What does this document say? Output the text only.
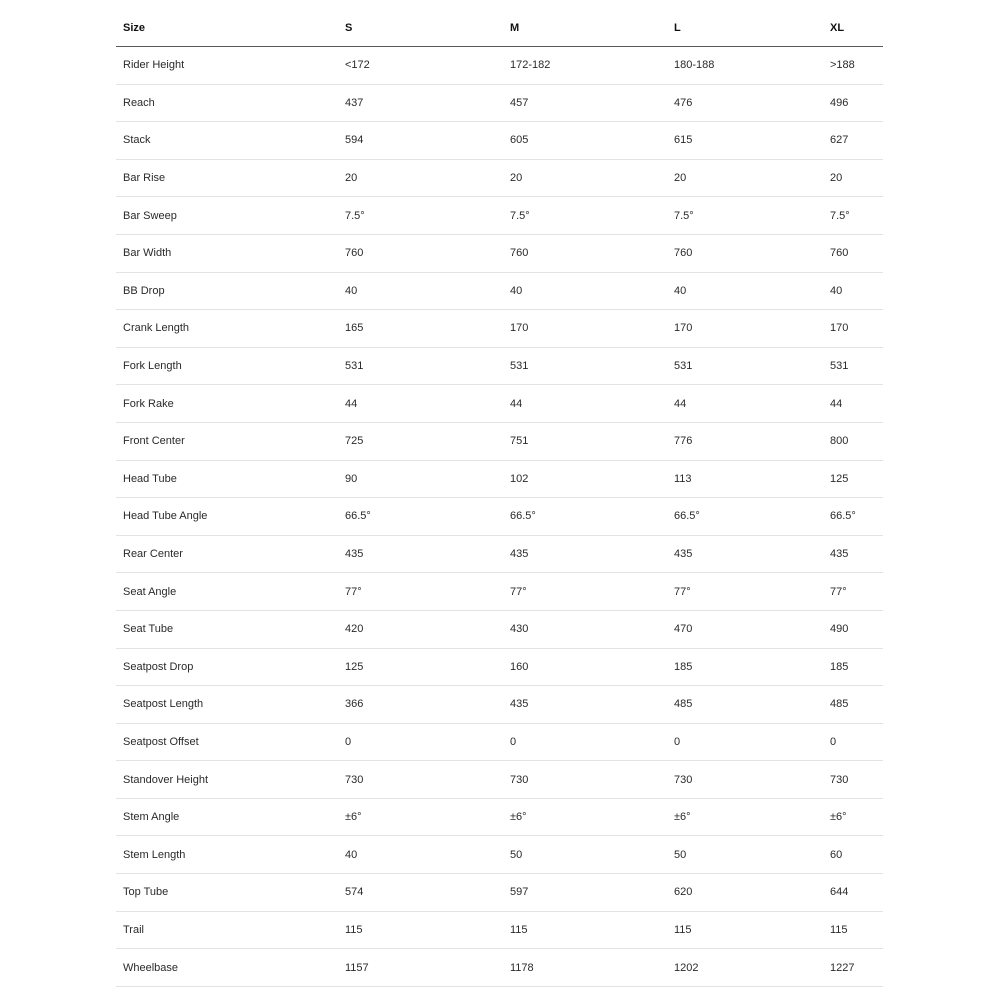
Size	S	M	L	XL
Rider Height	<172	172-182	180-188	>188
Reach	437	457	476	496
Stack	594	605	615	627
Bar Rise	20	20	20	20
Bar Sweep	7.5°	7.5°	7.5°	7.5°
Bar Width	760	760	760	760
BB Drop	40	40	40	40
Crank Length	165	170	170	170
Fork Length	531	531	531	531
Fork Rake	44	44	44	44
Front Center	725	751	776	800
Head Tube	90	102	113	125
Head Tube Angle	66.5°	66.5°	66.5°	66.5°
Rear Center	435	435	435	435
Seat Angle	77°	77°	77°	77°
Seat Tube	420	430	470	490
Seatpost Drop	125	160	185	185
Seatpost Length	366	435	485	485
Seatpost Offset	0	0	0	0
Standover Height	730	730	730	730
Stem Angle	±6°	±6°	±6°	±6°
Stem Length	40	50	50	60
Top Tube	574	597	620	644
Trail	115	115	115	115
Wheelbase	1157	1178	1202	1227
